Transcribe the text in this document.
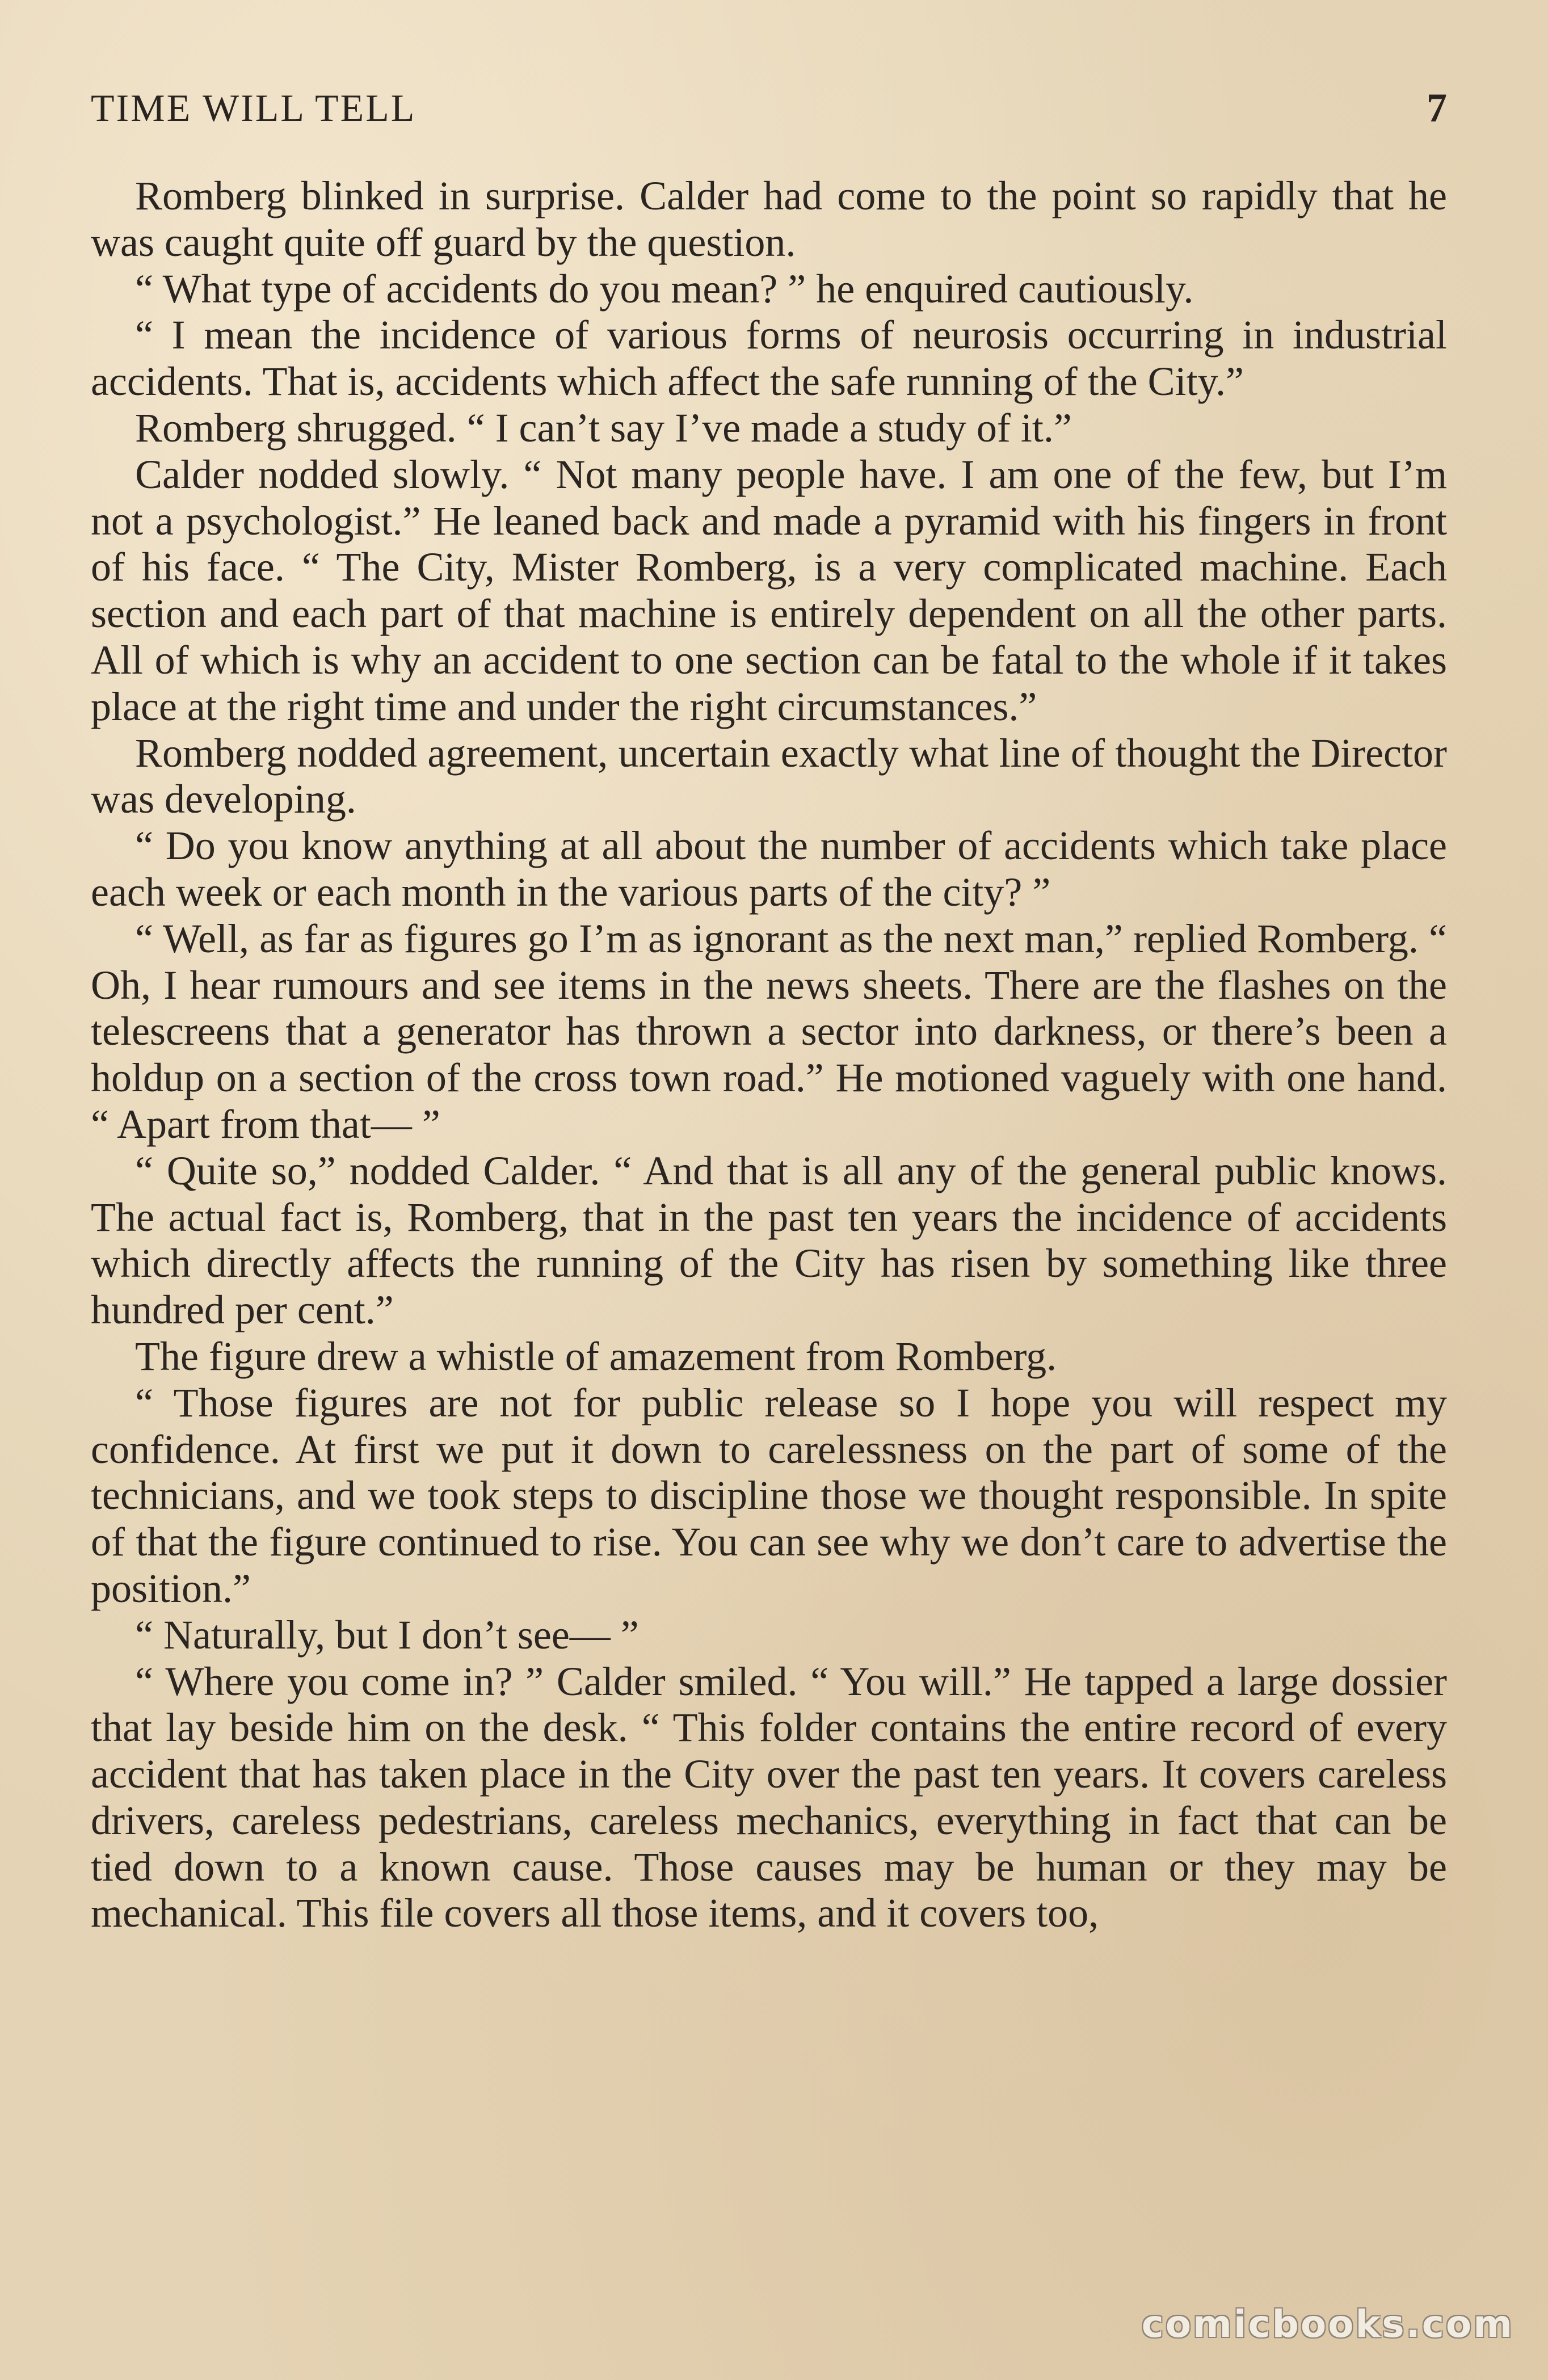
TIME WILL TELL	7

Romberg blinked in surprise. Calder had come to the point so rapidly that he was caught quite off guard by the question.

“ What type of accidents do you mean? ” he enquired cautiously.

“ I mean the incidence of various forms of neurosis occurring in industrial accidents. That is, accidents which affect the safe running of the City.”

Romberg shrugged. “ I can’t say I’ve made a study of it.”

Calder nodded slowly. “ Not many people have. I am one of the few, but I’m not a psychologist.” He leaned back and made a pyramid with his fingers in front of his face. “ The City, Mister Romberg, is a very complicated machine. Each section and each part of that machine is entirely dependent on all the other parts. All of which is why an accident to one section can be fatal to the whole if it takes place at the right time and under the right circumstances.”

Romberg nodded agreement, uncertain exactly what line of thought the Director was developing.

“ Do you know anything at all about the number of accidents which take place each week or each month in the various parts of the city? ”

“ Well, as far as figures go I’m as ignorant as the next man,” replied Romberg. “ Oh, I hear rumours and see items in the news sheets. There are the flashes on the telescreens that a generator has thrown a sector into darkness, or there’s been a holdup on a section of the cross town road.” He motioned vaguely with one hand. “ Apart from that— ”

“ Quite so,” nodded Calder. “ And that is all any of the general public knows. The actual fact is, Romberg, that in the past ten years the incidence of accidents which directly affects the running of the City has risen by something like three hundred per cent.”

The figure drew a whistle of amazement from Romberg.

“ Those figures are not for public release so I hope you will respect my confidence. At first we put it down to carelessness on the part of some of the technicians, and we took steps to discipline those we thought responsible. In spite of that the figure continued to rise. You can see why we don’t care to advertise the position.”

“ Naturally, but I don’t see— ”

“ Where you come in? ” Calder smiled. “ You will.” He tapped a large dossier that lay beside him on the desk. “ This folder contains the entire record of every accident that has taken place in the City over the past ten years. It covers careless drivers, careless pedestrians, careless mechanics, everything in fact that can be tied down to a known cause. Those causes may be human or they may be mechanical. This file covers all those items, and it covers too,

comicbooks.com
